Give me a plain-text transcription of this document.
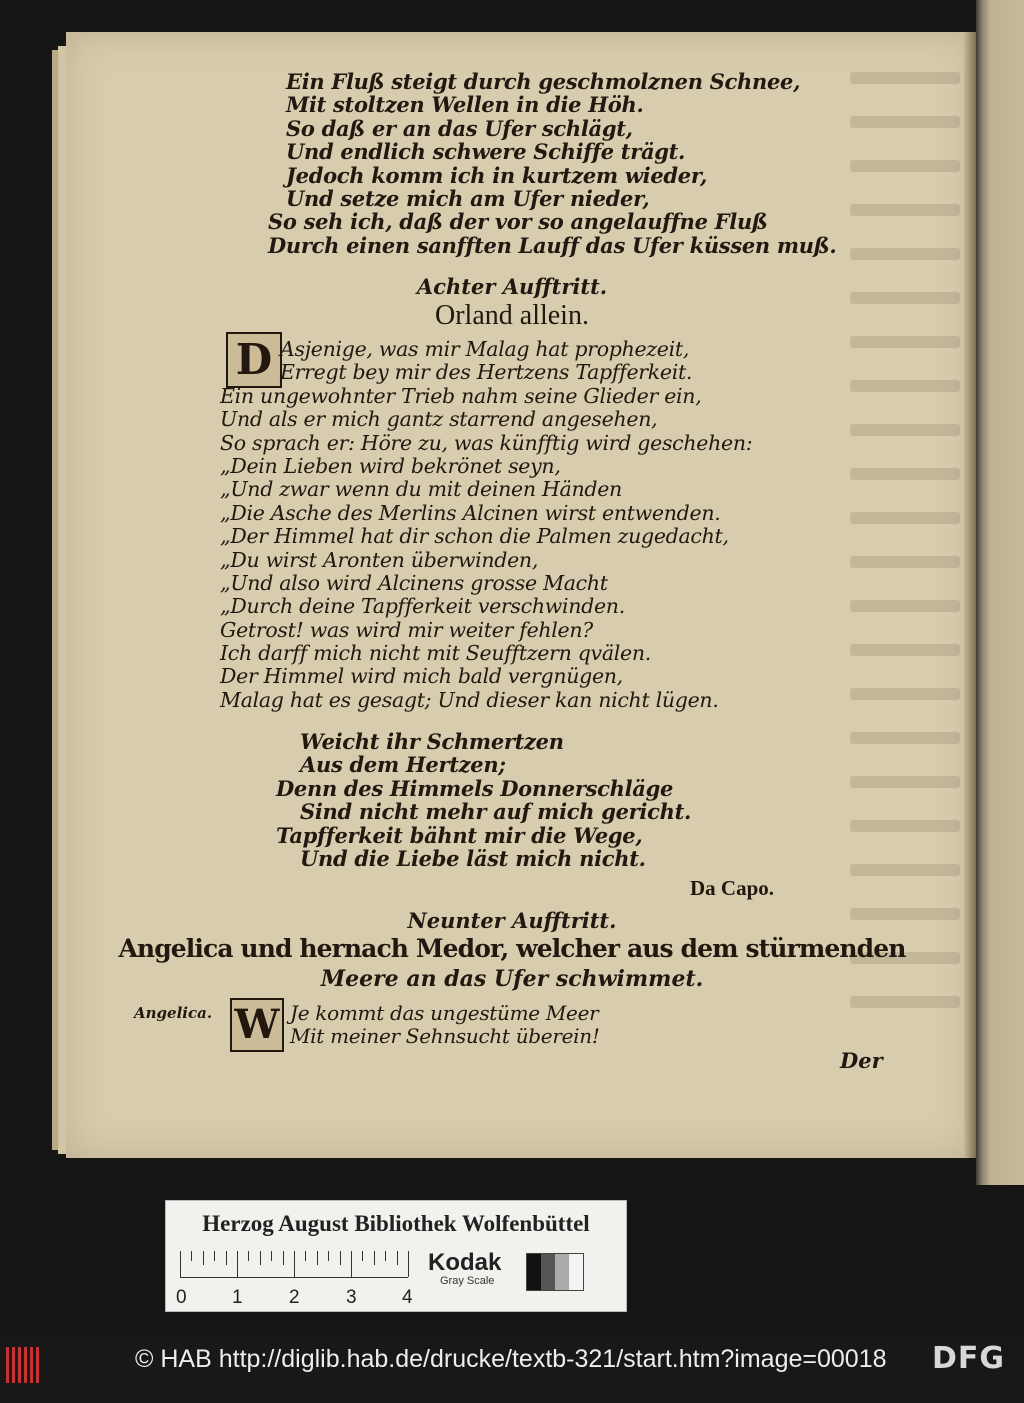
Ein Fluß steigt durch geschmolznen Schnee,
Mit stoltzen Wellen in die Höh.
So daß er an das Ufer schlägt,
Und endlich schwere Schiffe trägt.
Jedoch komm ich in kurtzem wieder,
Und setze mich am Ufer nieder,
So seh ich, daß der vor so angelauffne Fluß
Durch einen sanfften Lauff das Ufer küssen muß.
Achter Aufftritt.
Orland allein.
D Asjenige, was mir Malag hat prophezeit,
Erregt bey mir des Hertzens Tapfferkeit.
Ein ungewohnter Trieb nahm seine Glieder ein,
Und als er mich gantz starrend angesehen,
So sprach er: Höre zu, was künfftig wird geschehen:
„Dein Lieben wird bekrönet seyn,
„Und zwar wenn du mit deinen Händen
„Die Asche des Merlins Alcinen wirst entwenden.
„Der Himmel hat dir schon die Palmen zugedacht,
„Du wirst Aronten überwinden,
„Und also wird Alcinens grosse Macht
„Durch deine Tapfferkeit verschwinden.
Getrost! was wird mir weiter fehlen?
Ich darff mich nicht mit Seufftzern qvälen.
Der Himmel wird mich bald vergnügen,
Malag hat es gesagt; Und dieser kan nicht lügen.
Weicht ihr Schmertzen
Aus dem Hertzen;
Denn des Himmels Donnerschläge
Sind nicht mehr auf mich gericht.
Tapfferkeit bähnt mir die Wege,
Und die Liebe läst mich nicht.
Da Capo.
Neunter Aufftritt.
Angelica und hernach Medor, welcher aus dem stürmenden
Meere an das Ufer schwimmet.
Angelica. W Je kommt das ungestüme Meer
Mit meiner Sehnsucht überein!
Der
Herzog August Bibliothek Wolfenbüttel
0 1 2 3 4
Kodak
Gray Scale
© HAB http://diglib.hab.de/drucke/textb-321/start.htm?image=00018 DFG
